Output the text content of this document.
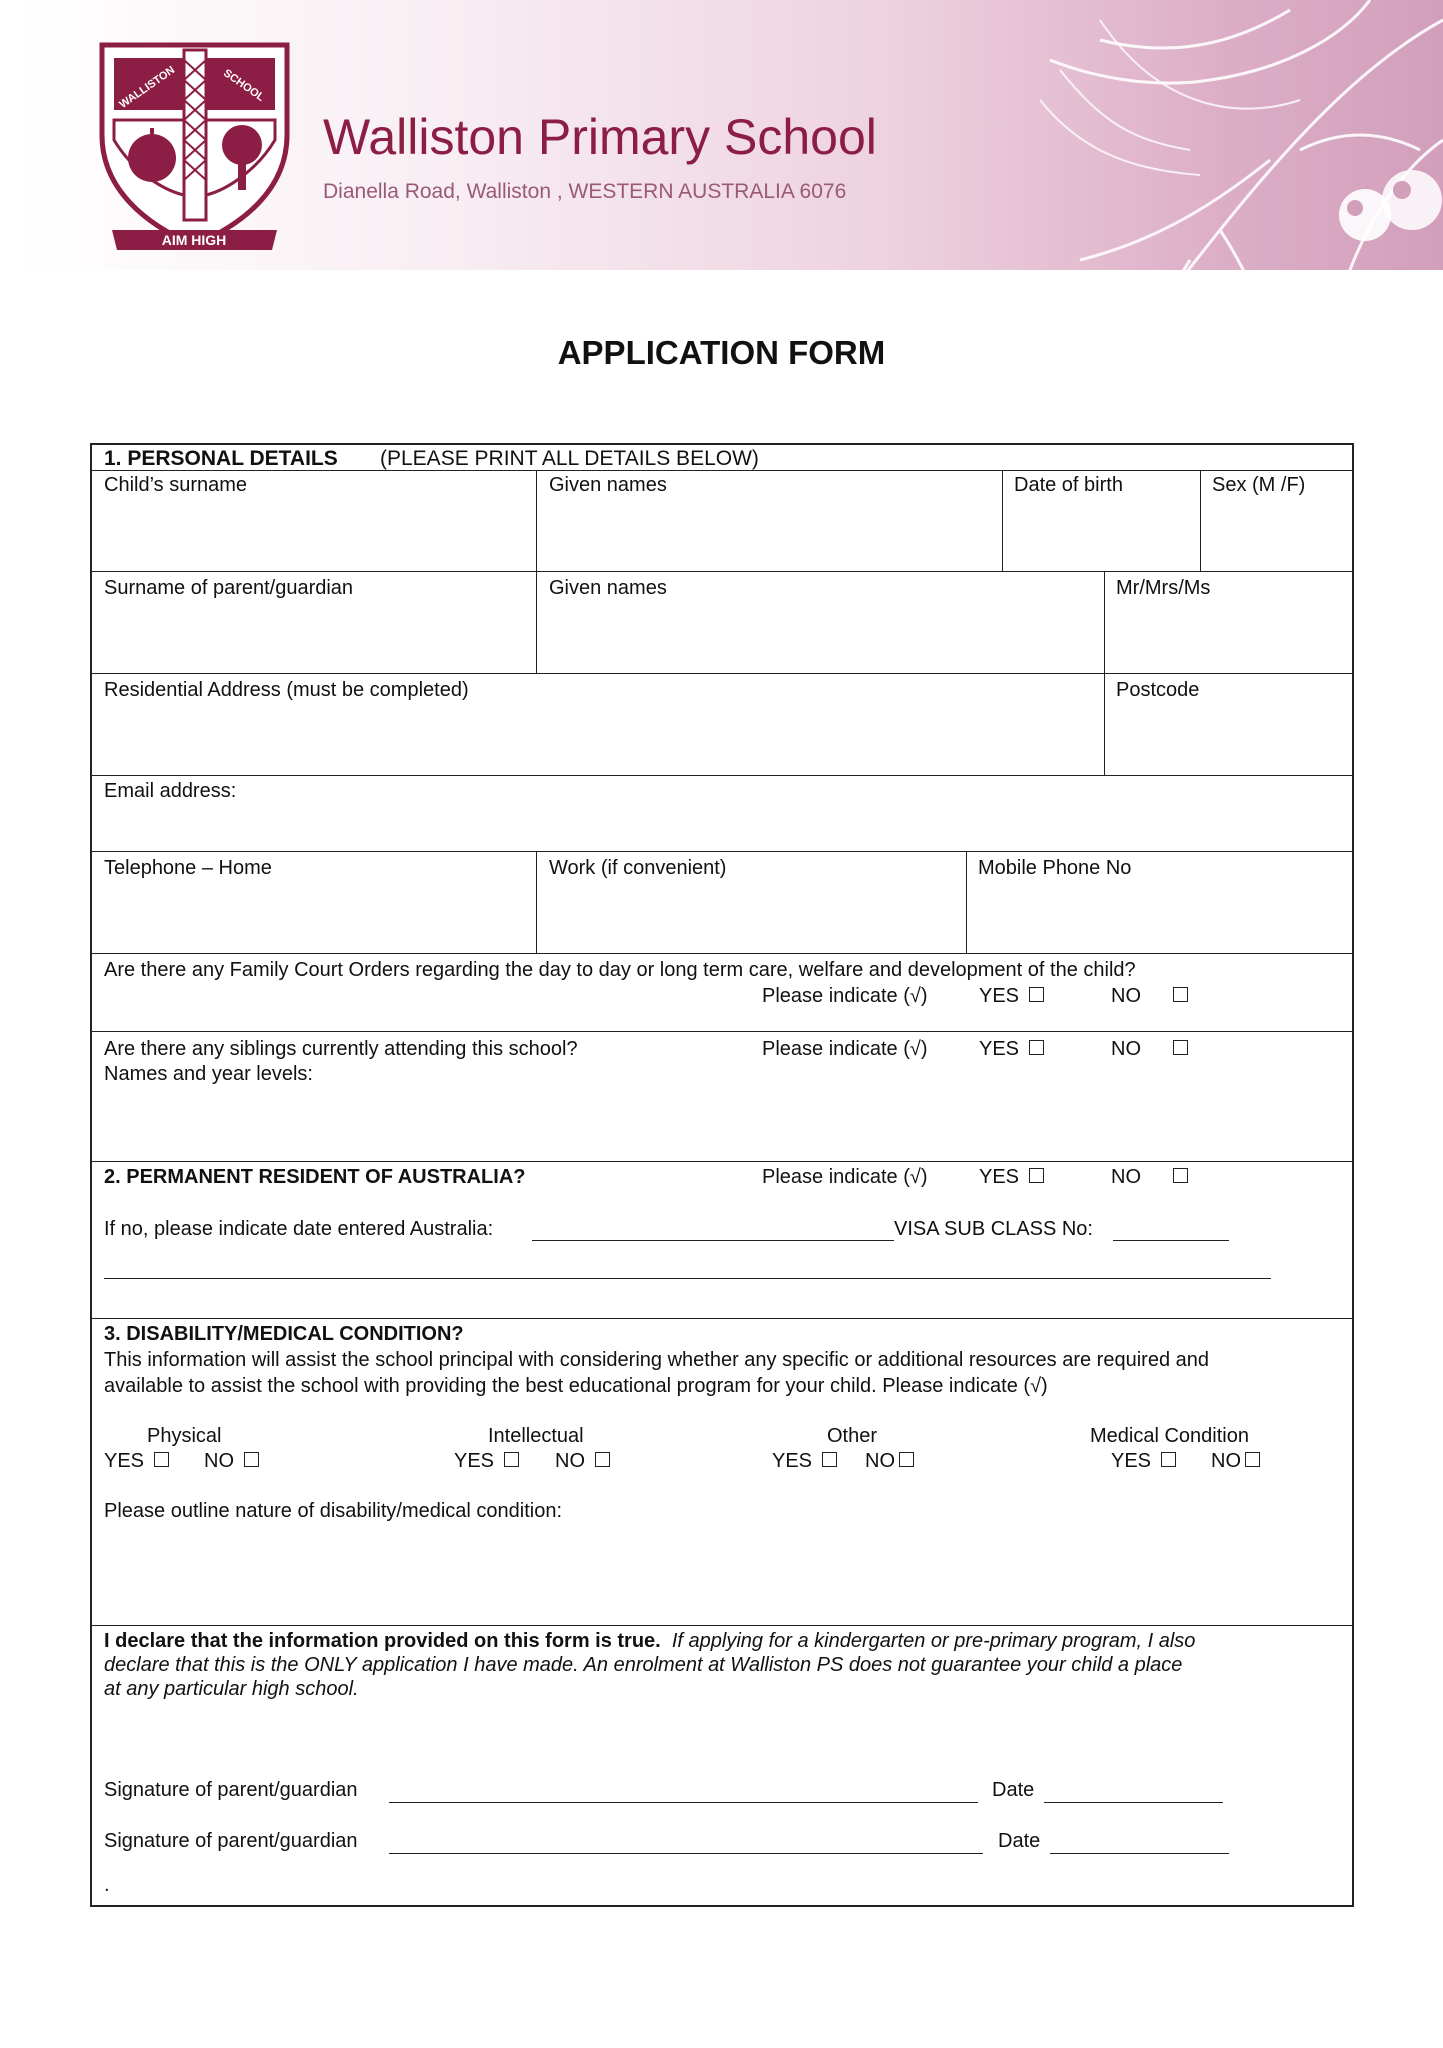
AIM HIGH
WALLISTON	SCHOOL
Walliston Primary School
Dianella Road, Walliston , WESTERN AUSTRALIA 6076
APPLICATION FORM
1. PERSONAL DETAILS (PLEASE PRINT ALL DETAILS BELOW)
Child’s surname	Given names	Date of birth	Sex (M /F)
Surname of parent/guardian	Given names	Mr/Mrs/Ms
Residential Address (must be completed)	Postcode
Email address:
Telephone – Home	Work (if convenient)	Mobile Phone No
Are there any Family Court Orders regarding the day to day or long term care, welfare and development of the child?
Please indicate (√)	YES	NO
Are there any siblings currently attending this school?
Names and year levels:
Please indicate (√)	YES	NO
2. PERMANENT RESIDENT OF AUSTRALIA?	Please indicate (√)	YES	NO
If no, please indicate date entered Australia:	VISA SUB CLASS No:
3. DISABILITY/MEDICAL CONDITION?
This information will assist the school principal with considering whether any specific or additional resources are required and
available to assist the school with providing the best educational program for your child. Please indicate (√)
Physical
YES	NO
Intellectual
YES	NO
Other
YES	NO
Medical Condition
YES	NO
Please outline nature of disability/medical condition:
I declare that the information provided on this form is true. If applying for a kindergarten or pre-primary program, I also
declare that this is the ONLY application I have made. An enrolment at Walliston PS does not guarantee your child a place
at any particular high school.
Signature of parent/guardian	Date
Signature of parent/guardian	Date
.
